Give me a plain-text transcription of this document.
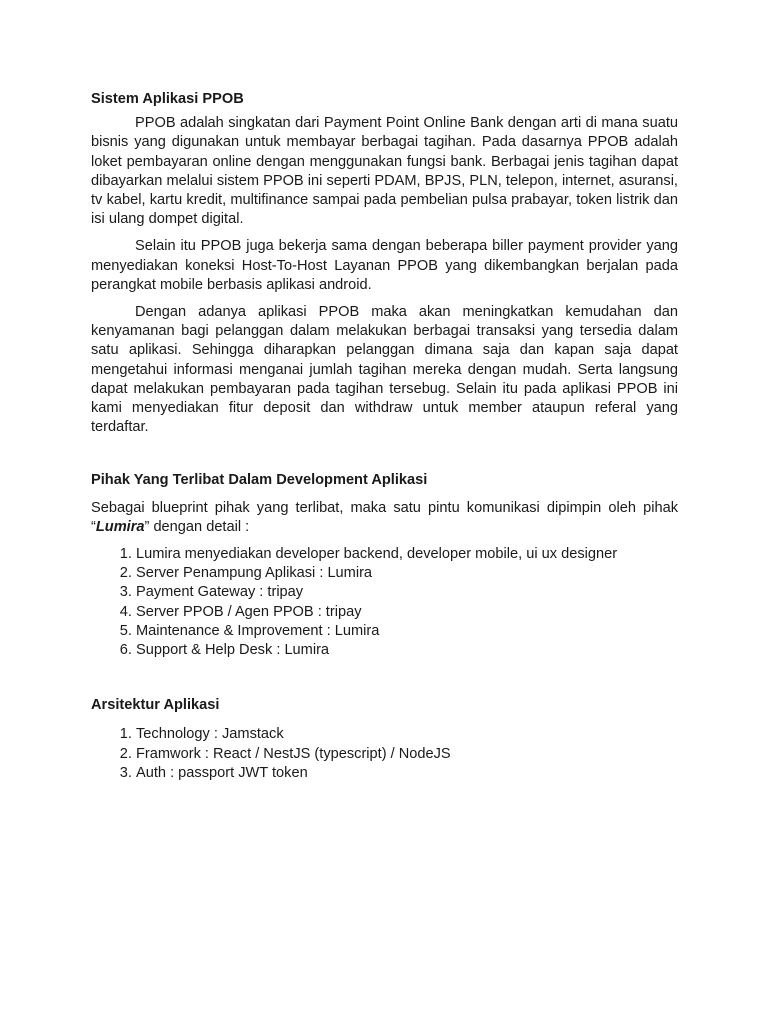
Sistem Aplikasi PPOB

PPOB adalah singkatan dari Payment Point Online Bank dengan arti di mana suatu bisnis yang digunakan untuk membayar berbagai tagihan. Pada dasarnya PPOB adalah loket pembayaran online dengan menggunakan fungsi bank. Berbagai jenis tagihan dapat dibayarkan melalui sistem PPOB ini seperti PDAM, BPJS, PLN, telepon, internet, asuransi, tv kabel, kartu kredit, multifinance sampai pada pembelian pulsa prabayar, token listrik dan isi ulang dompet digital.

Selain itu PPOB juga bekerja sama dengan beberapa biller payment provider yang menyediakan koneksi Host-To-Host Layanan PPOB yang dikembangkan berjalan pada perangkat mobile berbasis aplikasi android.

Dengan adanya aplikasi PPOB maka akan meningkatkan kemudahan dan kenyamanan bagi pelanggan dalam melakukan berbagai transaksi yang tersedia dalam satu aplikasi. Sehingga diharapkan pelanggan dimana saja dan kapan saja dapat mengetahui informasi menganai jumlah tagihan mereka dengan mudah. Serta langsung dapat melakukan pembayaran pada tagihan tersebug. Selain itu pada aplikasi PPOB ini kami menyediakan fitur deposit dan withdraw untuk member ataupun referal yang terdaftar.

Pihak Yang Terlibat Dalam Development Aplikasi

Sebagai blueprint pihak yang terlibat, maka satu pintu komunikasi dipimpin oleh pihak “Lumira” dengan detail :

1. Lumira menyediakan developer backend, developer mobile, ui ux designer
2. Server Penampung Aplikasi : Lumira
3. Payment Gateway : tripay
4. Server PPOB / Agen PPOB : tripay
5. Maintenance & Improvement : Lumira
6. Support & Help Desk : Lumira
Arsitektur Aplikasi
1. Technology : Jamstack
2. Framwork : React / NestJS (typescript) / NodeJS
3. Auth : passport JWT token
